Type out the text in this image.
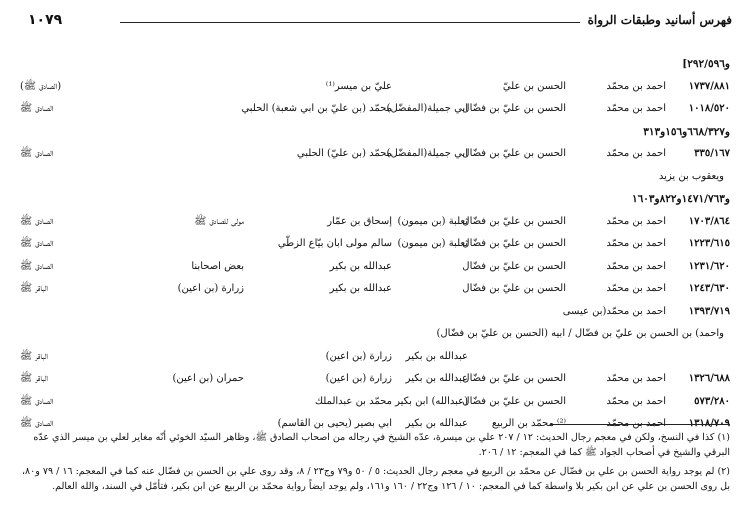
فهرس أسانيد وطبقات الرواة
١٠٧٩
و٢٩٢/٥٩٦]
١٧٣٧/٨٨١
احمد بن محمّد
الحسن بن عليّ
عليّ بن ميسر⁽¹⁾
(الصادق ﷺ)
١٠١٨/٥٢٠
احمد بن محمّد
الحسن بن عليّ بن فضّال
ابي جميلة(المفضّل)
محمّد (بن عليّ بن ابي شعبة) الحلبي
الصادق ﷺ
و٦٦٨/٣٢٧و١٥٦و٣١٣
٣٣٥/١٦٧
احمد بن محمّد
الحسن بن عليّ بن فضّال
ابي جميلة(المفضّل)
محمّد (بن عليّ) الحلبي
الصادق ﷺ
ويعقوب بن يزيد
و١٤٧١/٧٦٣و٨٢٢و١٦٠٣
١٧٠٣/٨٦٤
احمد بن محمّد
الحسن بن عليّ بن فضّال
ثعلبة (بن ميمون)
إسحاق بن عمّار
مولى للصادق ﷺ
الصادق ﷺ
١٢٢٣/٦١٥
احمد بن محمّد
الحسن بن عليّ بن فضّال
ثعلبة (بن ميمون)
سالم مولى ابان بيّاع الزطّي
الصادق ﷺ
١٢٣١/٦٢٠
احمد بن محمّد
الحسن بن عليّ بن فضّال
عبدالله بن بكير
بعض اصحابنا
الصادق ﷺ
١٢٤٣/٦٣٠
احمد بن محمّد
الحسن بن عليّ بن فضّال
عبدالله بن بكير
زرارة (بن اعين)
الباقر ﷺ
١٣٩٣/٧١٩
احمد بن محمّد(بن عيسى
واحمد) بن الحسن بن عليّ بن فضّال / ابيه (الحسن بن عليّ بن فضّال)
عبدالله بن بكير
زرارة (بن اعين)
الباقر ﷺ
١٣٢٦/٦٨٨
احمد بن محمّد
الحسن بن عليّ بن فضّال
عبدالله بن بكير
زرارة (بن اعين)
حمران (بن اعين)
الباقر ﷺ
٥٧٣/٢٨٠
احمد بن محمّد
الحسن بن عليّ بن فضّال
(عبدالله) ابن بكير
محمّد بن عبدالملك
الصادق ﷺ
١٣١٨/٧٠٩
احمد بن محمّد
⁽²⁾ محمّد بن الربيع
عبدالله بن بكير
ابي بصير (يحيى بن القاسم)
الصادق ﷺ
(١) كذا في النسخ، ولكن في معجم رجال الحديث: ١٢ / ٢٠٧ علي بن ميسرة، عدّه الشيخ في رجاله من اصحاب الصادق ﷺ، وظاهر السيّد الخوئي أنّه مغاير لعلي بن ميسر الذي عدّه البرقي والشيخ في أصحاب الجواد ﷺ كما في المعجم: ١٢ / ٢٠٦.
(٢) لم يوجد رواية الحسن بن علي بن فضّال عن محمّد بن الربيع في معجم رجال الحديث: ٥ / ٥٠ و٧٩ وج٢٣ / ٨، وقد روى علي بن الحسن بن فضّال عنه كما في المعجم: ١٦ / ٧٩ و٨٠، بل روى الحسن بن علي عن ابن بكير بلا واسطة كما في المعجم: ١٠ / ١٢٦ وج٢٢ / ١٦٠ و١٦١، ولم يوجد ايضاً رواية محمّد بن الربيع عن ابن بكير، فتأمّل في السند، والله العالم.
